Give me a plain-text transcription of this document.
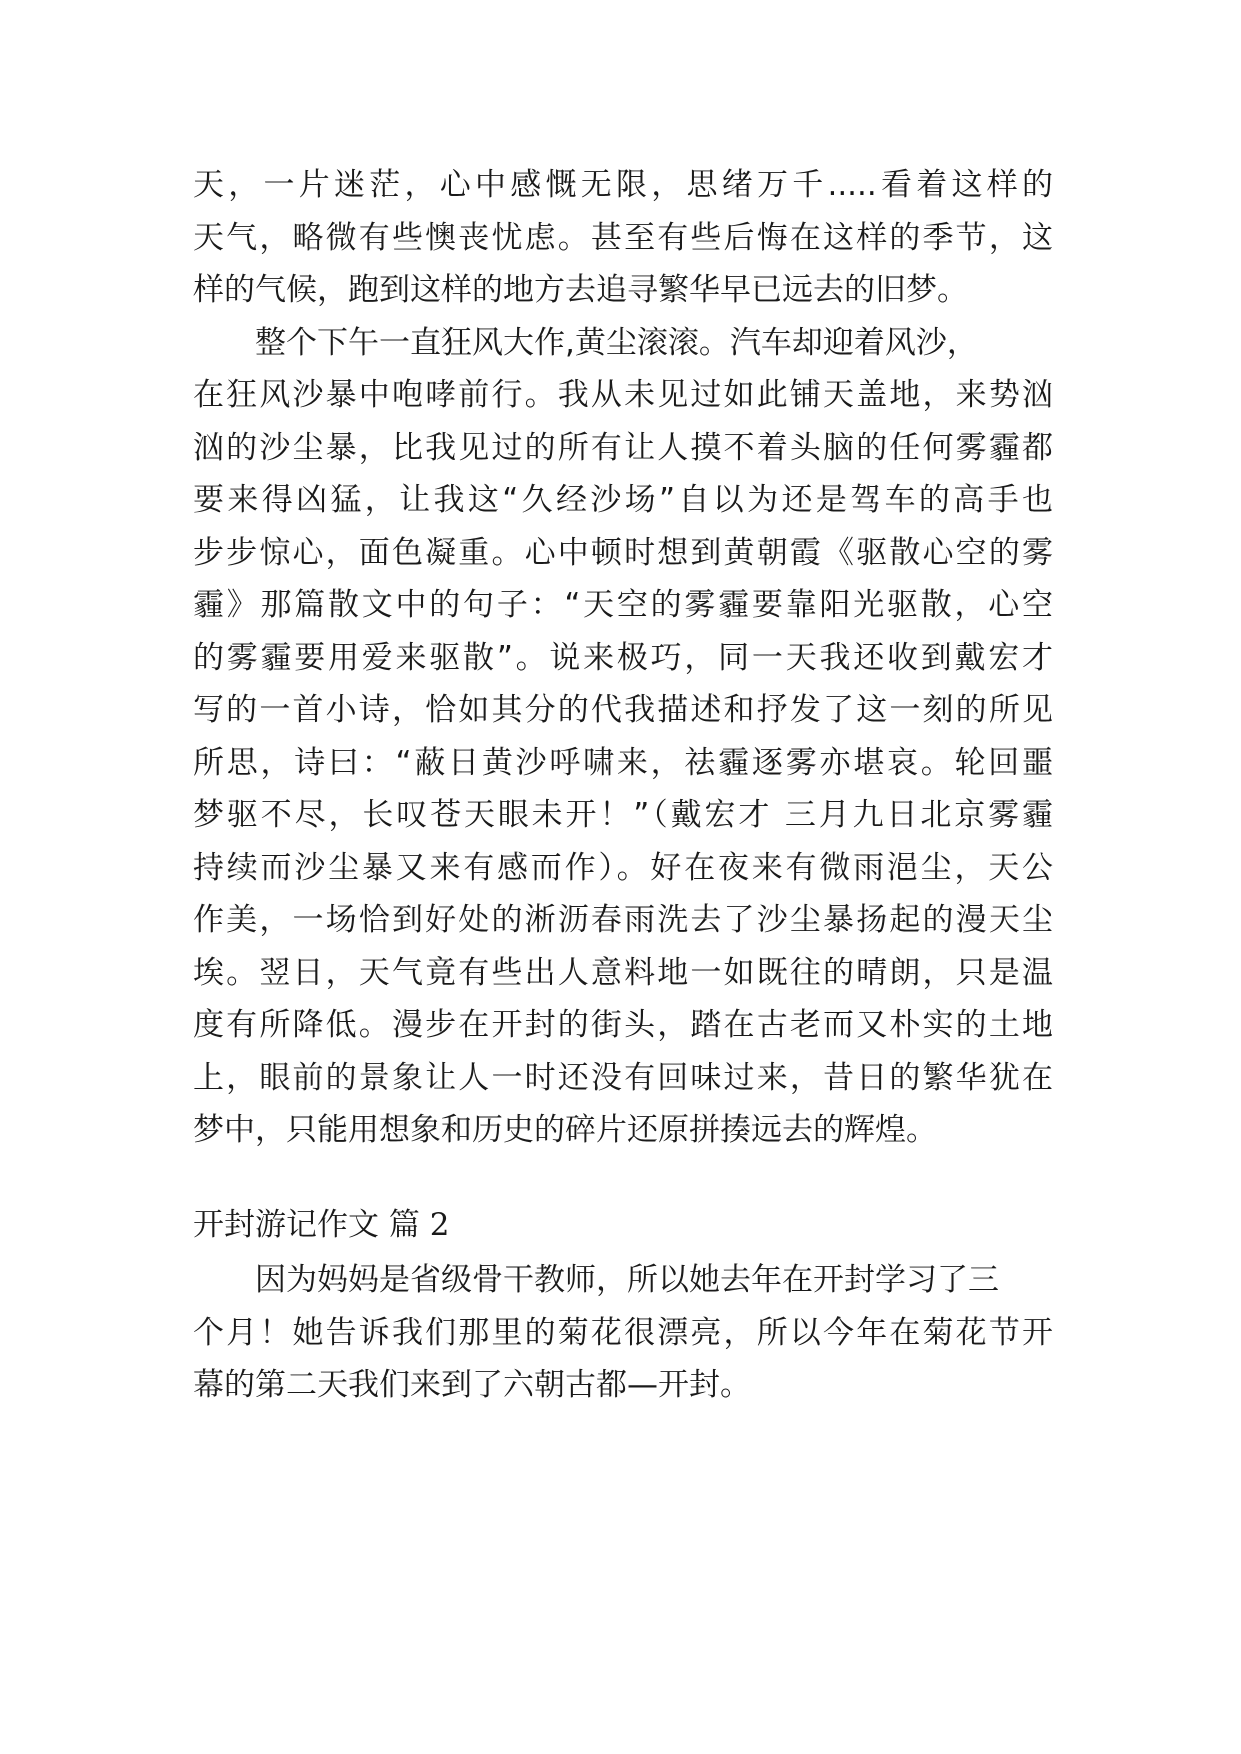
天，一片迷茫，心中感慨无限，思绪万千.....看着这样的
天气，略微有些懊丧忧虑。甚至有些后悔在这样的季节，这
样的气候，跑到这样的地方去追寻繁华早已远去的旧梦。
　　整个下午一直狂风大作,黄尘滚滚。汽车却迎着风沙，
在狂风沙暴中咆哮前行。我从未见过如此铺天盖地，来势汹
汹的沙尘暴，比我见过的所有让人摸不着头脑的任何雾霾都
要来得凶猛，让我这“久经沙场”自以为还是驾车的高手也
步步惊心，面色凝重。心中顿时想到黄朝霞《驱散心空的雾
霾》那篇散文中的句子：“天空的雾霾要靠阳光驱散，心空
的雾霾要用爱来驱散”。说来极巧，同一天我还收到戴宏才
写的一首小诗，恰如其分的代我描述和抒发了这一刻的所见
所思，诗曰：“蔽日黄沙呼啸来，祛霾逐雾亦堪哀。轮回噩
梦驱不尽，长叹苍天眼未开！”（戴宏才 三月九日北京雾霾
持续而沙尘暴又来有感而作）。好在夜来有微雨浥尘，天公
作美，一场恰到好处的淅沥春雨洗去了沙尘暴扬起的漫天尘
埃。翌日，天气竟有些出人意料地一如既往的晴朗，只是温
度有所降低。漫步在开封的街头，踏在古老而又朴实的土地
上，眼前的景象让人一时还没有回味过来，昔日的繁华犹在
梦中，只能用想象和历史的碎片还原拼揍远去的辉煌。
开封游记作文 篇 2
　　因为妈妈是省级骨干教师，所以她去年在开封学习了三
个月！她告诉我们那里的菊花很漂亮，所以今年在菊花节开
幕的第二天我们来到了六朝古都—开封。
